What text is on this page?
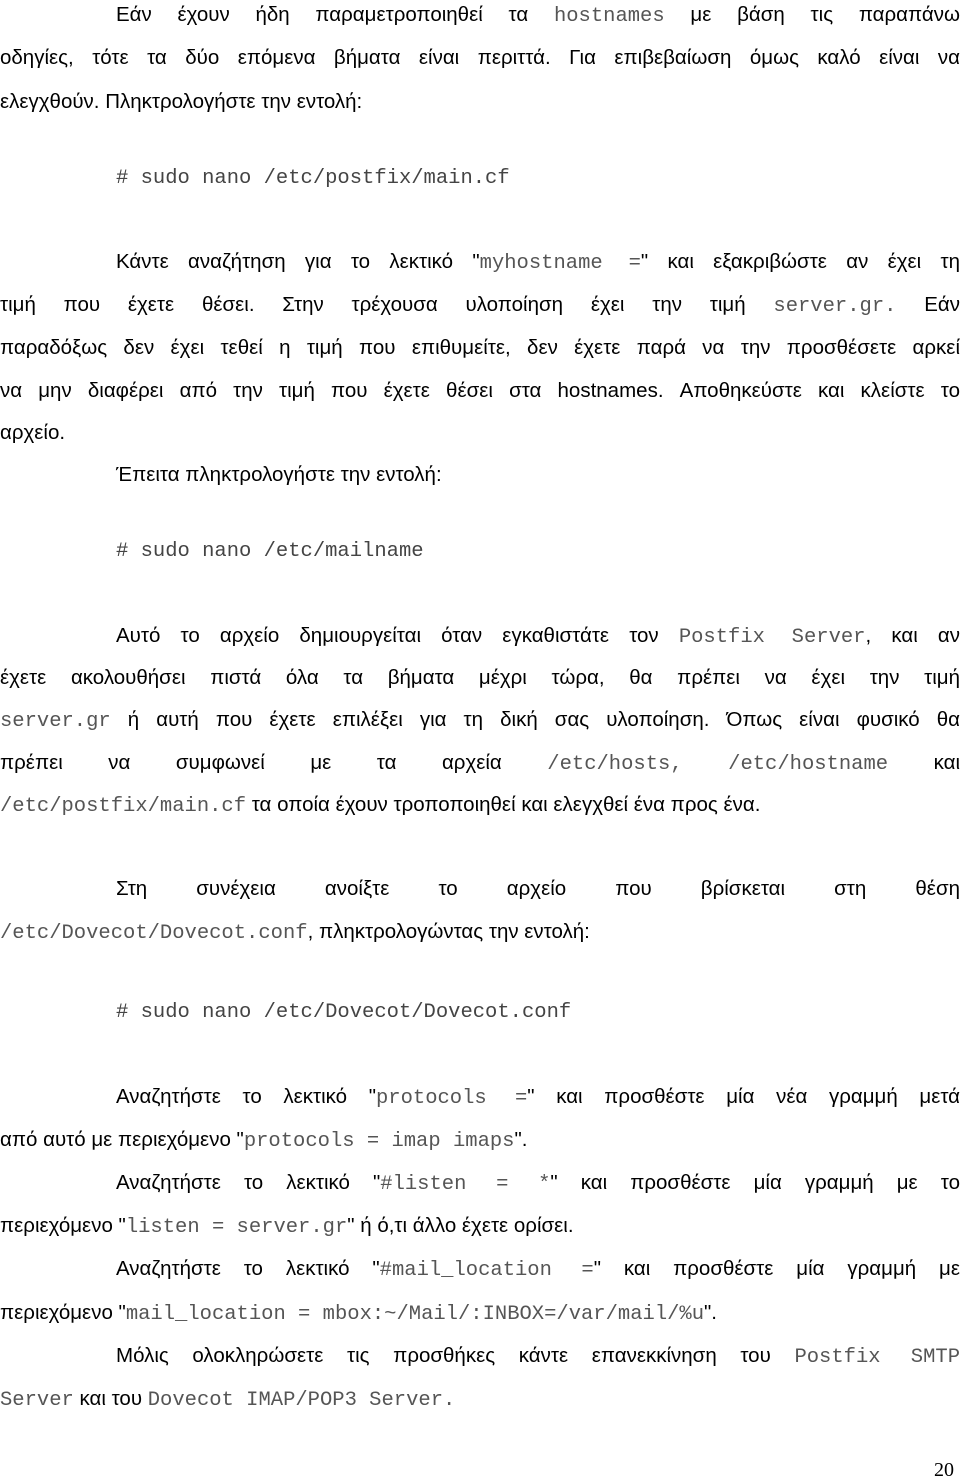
Εάν έχουν ήδη παραμετροποιηθεί τα hostnames με βάση τις παραπάνω
οδηγίες, τότε τα δύο επόμενα βήματα είναι περιττά. Για επιβεβαίωση όμως καλό είναι να
ελεγχθούν. Πληκτρολογήστε την εντολή:
# sudo nano /etc/postfix/main.cf
Κάντε αναζήτηση για το λεκτικό "myhostname =" και εξακριβώστε αν έχει τη
τιμή που έχετε θέσει. Στην τρέχουσα υλοποίηση έχει την τιμή server.gr. Εάν
παραδόξως δεν έχει τεθεί η τιμή που επιθυμείτε, δεν έχετε παρά να την προσθέσετε αρκεί
να μην διαφέρει από την τιμή που έχετε θέσει στα hostnames. Αποθηκεύστε και κλείστε το
αρχείο.
Έπειτα πληκτρολογήστε την εντολή:
# sudo nano /etc/mailname
Αυτό το αρχείο δημιουργείται όταν εγκαθιστάτε τον Postfix Server, και αν
έχετε ακολουθήσει πιστά όλα τα βήματα μέχρι τώρα, θα πρέπει να έχει την τιμή
server.gr ή αυτή που έχετε επιλέξει για τη δική σας υλοποίηση. Όπως είναι φυσικό θα
πρέπει να συμφωνεί με τα αρχεία /etc/hosts, /etc/hostname και
/etc/postfix/main.cf τα οποία έχουν τροποποιηθεί και ελεγχθεί ένα προς ένα.
Στη συνέχεια ανοίξτε το αρχείο που βρίσκεται στη θέση
/etc/Dovecot/Dovecot.conf, πληκτρολογώντας την εντολή:
# sudo nano /etc/Dovecot/Dovecot.conf
Αναζητήστε το λεκτικό "protocols =" και προσθέστε μία νέα γραμμή μετά
από αυτό με περιεχόμενο "protocols = imap imaps".
Αναζητήστε το λεκτικό "#listen = *" και προσθέστε μία γραμμή με το
περιεχόμενο "listen = server.gr" ή ό,τι άλλο έχετε ορίσει.
Αναζητήστε το λεκτικό "#mail_location =" και προσθέστε μία γραμμή με
περιεχόμενο "mail_location = mbox:~/Mail/:INBOX=/var/mail/%u".
Μόλις ολοκληρώσετε τις προσθήκες κάντε επανεκκίνηση του Postfix SMTP
Server και του Dovecot IMAP/POP3 Server.
20
